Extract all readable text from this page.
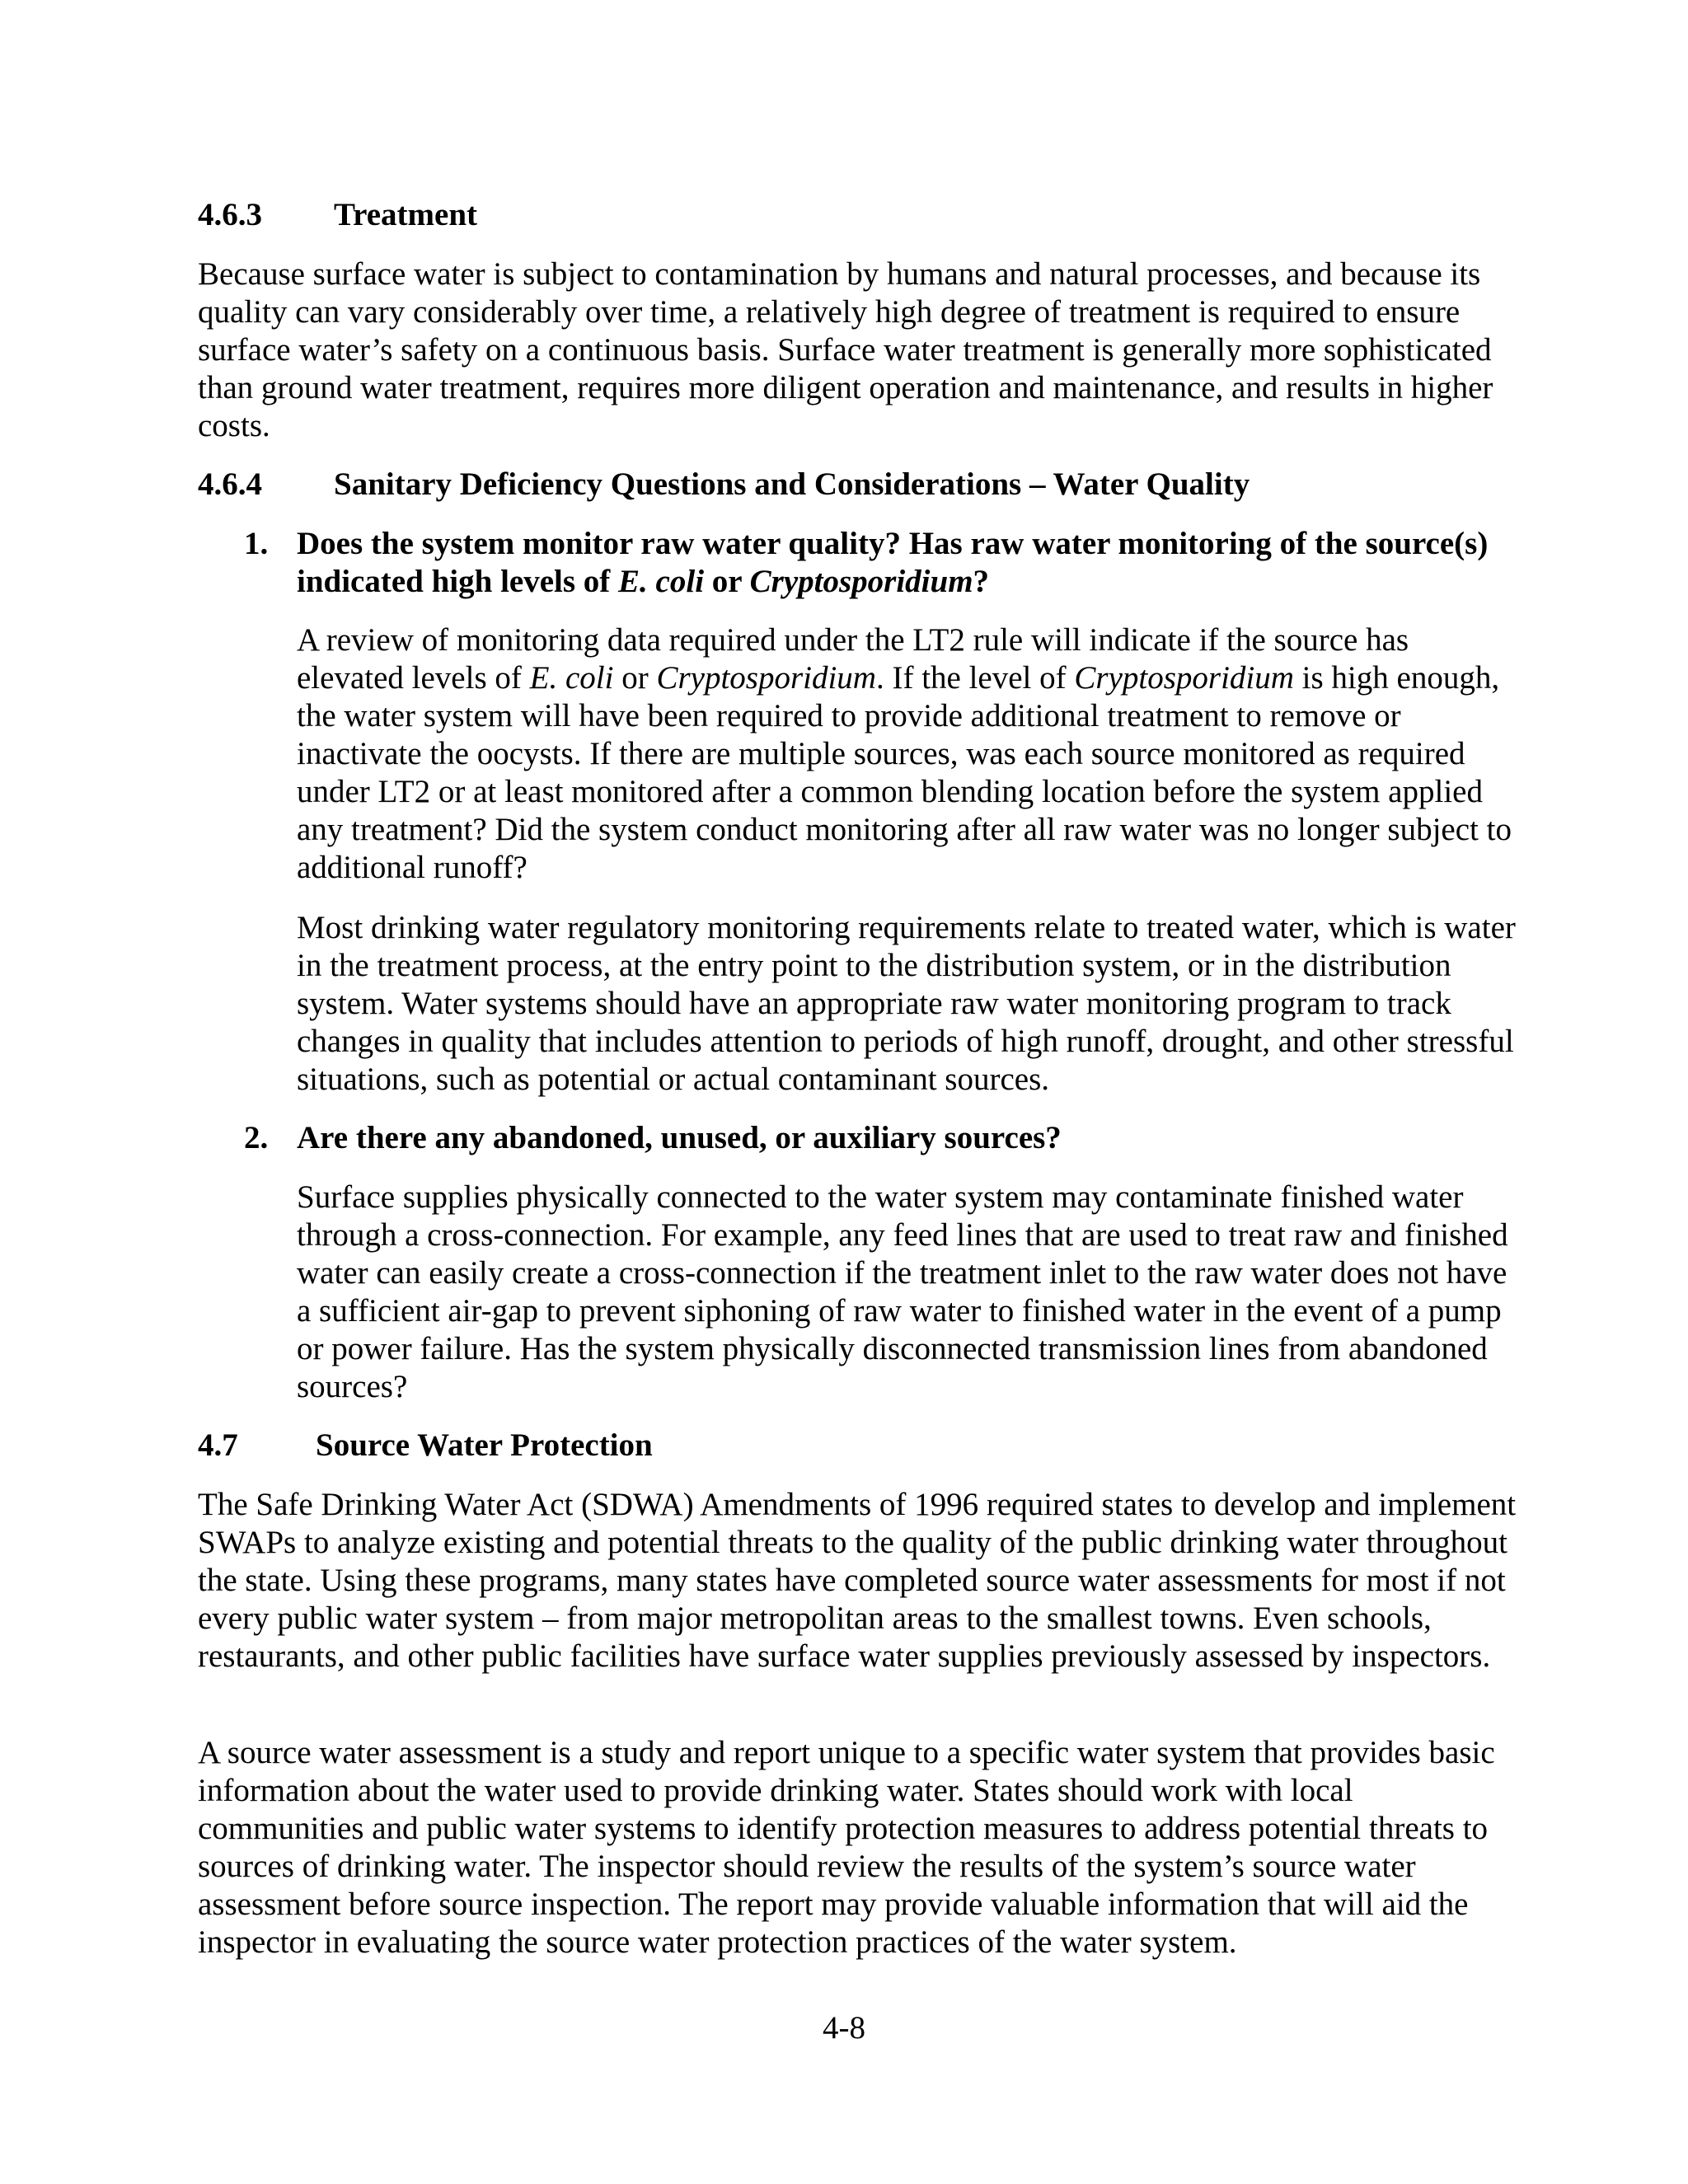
4.6.3 Treatment

Because surface water is subject to contamination by humans and natural processes, and because its quality can vary considerably over time, a relatively high degree of treatment is required to ensure surface water’s safety on a continuous basis. Surface water treatment is generally more sophisticated than ground water treatment, requires more diligent operation and maintenance, and results in higher costs.

4.6.4 Sanitary Deficiency Questions and Considerations – Water Quality
1. Does the system monitor raw water quality? Has raw water monitoring of the source(s) indicated high levels of E. coli or Cryptosporidium?

A review of monitoring data required under the LT2 rule will indicate if the source has elevated levels of E. coli or Cryptosporidium. If the level of Cryptosporidium is high enough, the water system will have been required to provide additional treatment to remove or inactivate the oocysts. If there are multiple sources, was each source monitored as required under LT2 or at least monitored after a common blending location before the system applied any treatment? Did the system conduct monitoring after all raw water was no longer subject to additional runoff?

Most drinking water regulatory monitoring requirements relate to treated water, which is water in the treatment process, at the entry point to the distribution system, or in the distribution system. Water systems should have an appropriate raw water monitoring program to track changes in quality that includes attention to periods of high runoff, drought, and other stressful situations, such as potential or actual contaminant sources.

2. Are there any abandoned, unused, or auxiliary sources?

Surface supplies physically connected to the water system may contaminate finished water through a cross-connection. For example, any feed lines that are used to treat raw and finished water can easily create a cross-connection if the treatment inlet to the raw water does not have a sufficient air-gap to prevent siphoning of raw water to finished water in the event of a pump or power failure. Has the system physically disconnected transmission lines from abandoned sources?

4.7 Source Water Protection

The Safe Drinking Water Act (SDWA) Amendments of 1996 required states to develop and implement SWAPs to analyze existing and potential threats to the quality of the public drinking water throughout the state. Using these programs, many states have completed source water assessments for most if not every public water system – from major metropolitan areas to the smallest towns. Even schools, restaurants, and other public facilities have surface water supplies previously assessed by inspectors.

A source water assessment is a study and report unique to a specific water system that provides basic information about the water used to provide drinking water. States should work with local communities and public water systems to identify protection measures to address potential threats to sources of drinking water. The inspector should review the results of the system’s source water assessment before source inspection. The report may provide valuable information that will aid the inspector in evaluating the source water protection practices of the water system.

4-8
